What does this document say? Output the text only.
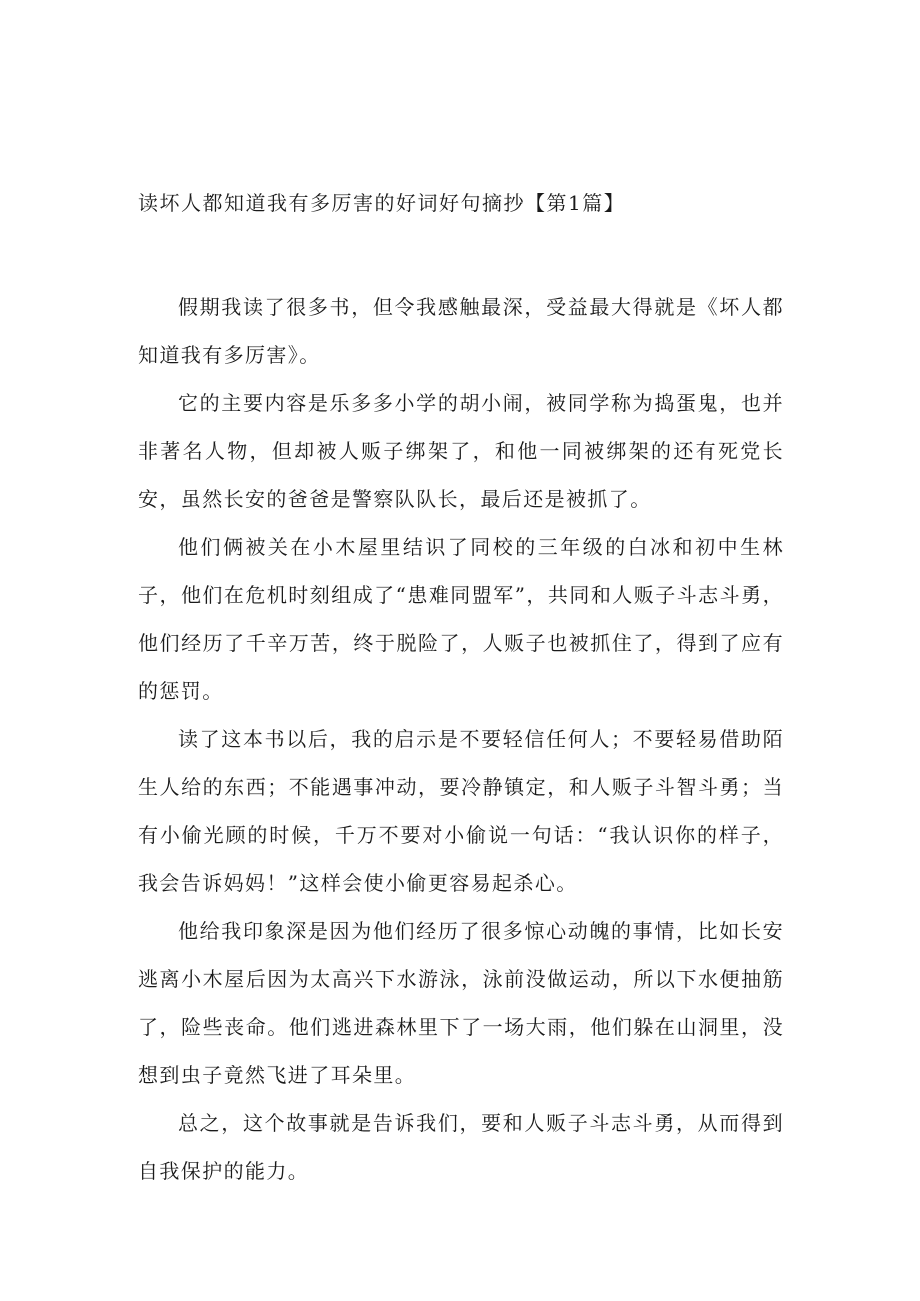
读坏人都知道我有多厉害的好词好句摘抄【第1篇】

假期我读了很多书，但令我感触最深，受益最大得就是《坏人都知道我有多厉害》。

它的主要内容是乐多多小学的胡小闹，被同学称为捣蛋鬼，也并非著名人物，但却被人贩子绑架了，和他一同被绑架的还有死党长安，虽然长安的爸爸是警察队队长，最后还是被抓了。

他们俩被关在小木屋里结识了同校的三年级的白冰和初中生林子，他们在危机时刻组成了“患难同盟军”，共同和人贩子斗志斗勇，他们经历了千辛万苦，终于脱险了，人贩子也被抓住了，得到了应有的惩罚。

读了这本书以后，我的启示是不要轻信任何人；不要轻易借助陌生人给的东西；不能遇事冲动，要冷静镇定，和人贩子斗智斗勇；当有小偷光顾的时候，千万不要对小偷说一句话：“我认识你的样子，我会告诉妈妈！”这样会使小偷更容易起杀心。

他给我印象深是因为他们经历了很多惊心动魄的事情，比如长安逃离小木屋后因为太高兴下水游泳，泳前没做运动，所以下水便抽筋了，险些丧命。他们逃进森林里下了一场大雨，他们躲在山洞里，没想到虫子竟然飞进了耳朵里。

总之，这个故事就是告诉我们，要和人贩子斗志斗勇，从而得到自我保护的能力。
